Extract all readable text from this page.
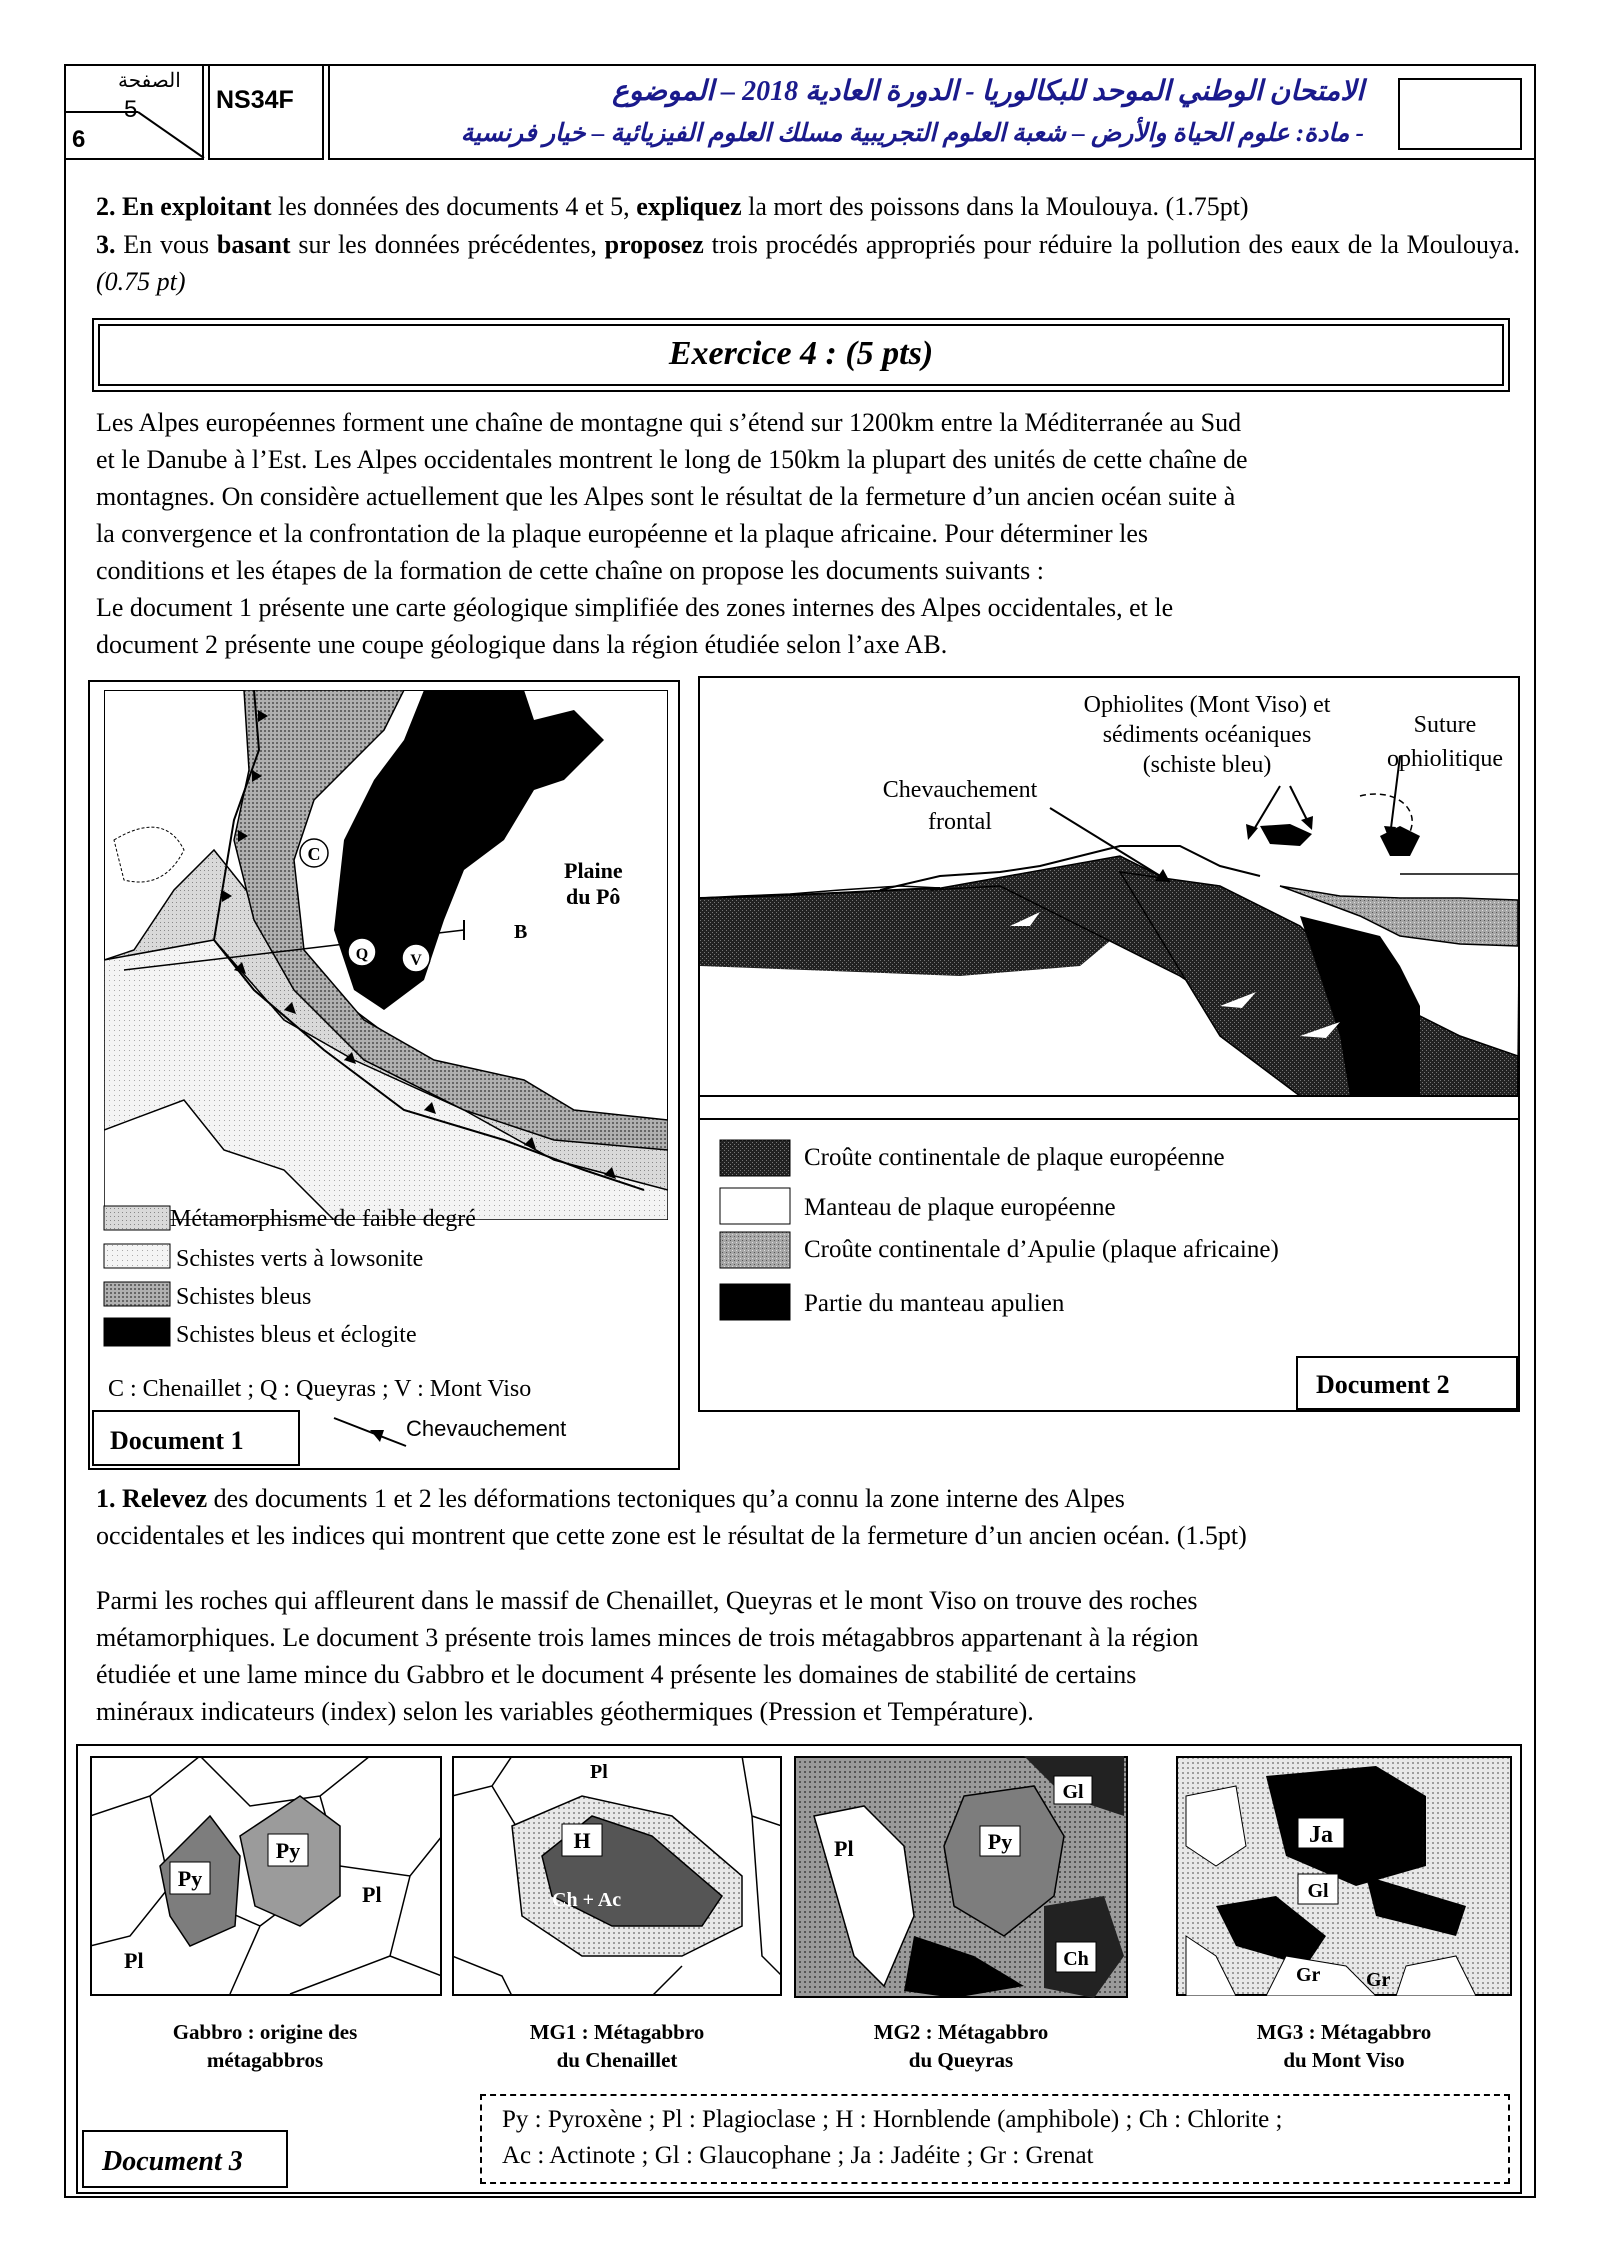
الصفحة
5
6
NS34F	الامتحان الوطني الموحد للبكالوريا - الدورة العادية 2018 – الموضوع
- مادة: علوم الحياة والأرض – شعبة العلوم التجريبية مسلك العلوم الفيزيائية – خيار فرنسية
2. En exploitant les données des documents 4 et 5, expliquez la mort des poissons dans la Moulouya. (1.75pt)
3. En vous basant sur les données précédentes, proposez trois procédés appropriés pour réduire la pollution des eaux de la Moulouya. (0.75 pt)
Exercice 4 : (5 pts)
Les Alpes européennes forment une chaîne de montagne qui s’étend sur 1200km entre la Méditerranée au Sud
et le Danube à l’Est. Les Alpes occidentales montrent le long de 150km la plupart des unités de cette chaîne de
montagnes. On considère actuellement que les Alpes sont le résultat de la fermeture d’un ancien océan suite à
la convergence et la confrontation de la plaque européenne et la plaque africaine. Pour déterminer les
conditions et les étapes de la formation de cette chaîne on propose les documents suivants :
Le document 1 présente une carte géologique simplifiée des zones internes des Alpes occidentales, et le
document 2 présente une coupe géologique dans la région étudiée selon l’axe AB.
C
Q	V
B
Plaine
du Pô
Métamorphisme de faible degré
Schistes verts à lowsonite
Schistes bleus
Schistes bleus et éclogite
C : Chenaillet ; Q : Queyras ; V : Mont Viso
Document 1	Chevauchement
Ophiolites (Mont Viso) et
sédiments océaniques
(schiste bleu)
Suture
ophiolitique
Chevauchement
frontal
Croûte continentale de plaque européenne
Manteau de plaque européenne
Croûte continentale d’Apulie (plaque africaine)
Partie du manteau apulien
Document 2
1. Relevez des documents 1 et 2 les déformations tectoniques qu’a connu la zone interne des Alpes
occidentales et les indices qui montrent que cette zone est le résultat de la fermeture d’un ancien océan. (1.5pt)
Parmi les roches qui affleurent dans le massif de Chenaillet, Queyras et le mont Viso on trouve des roches
métamorphiques. Le document 3 présente trois lames minces de trois métagabbros appartenant à la région
étudiée et une lame mince du Gabbro et le document 4 présente les domaines de stabilité de certains
minéraux indicateurs (index) selon les variables géothermiques (Pression et Température).
Py
Py
Pl
Pl
H
Pl
Ch + Ac
Gl
Py
Ch
Pl
Ja
Gl
Gr Gr
Gabbro : origine des
métagabbros
MG1 : Métagabbro
du Chenaillet
MG2 : Métagabbro
du Queyras
MG3 : Métagabbro
du Mont Viso
Py : Pyroxène ; Pl : Plagioclase ; H : Hornblende (amphibole) ; Ch : Chlorite ;
Ac : Actinote ; Gl : Glaucophane ; Ja : Jadéite ; Gr : Grenat
Document 3
